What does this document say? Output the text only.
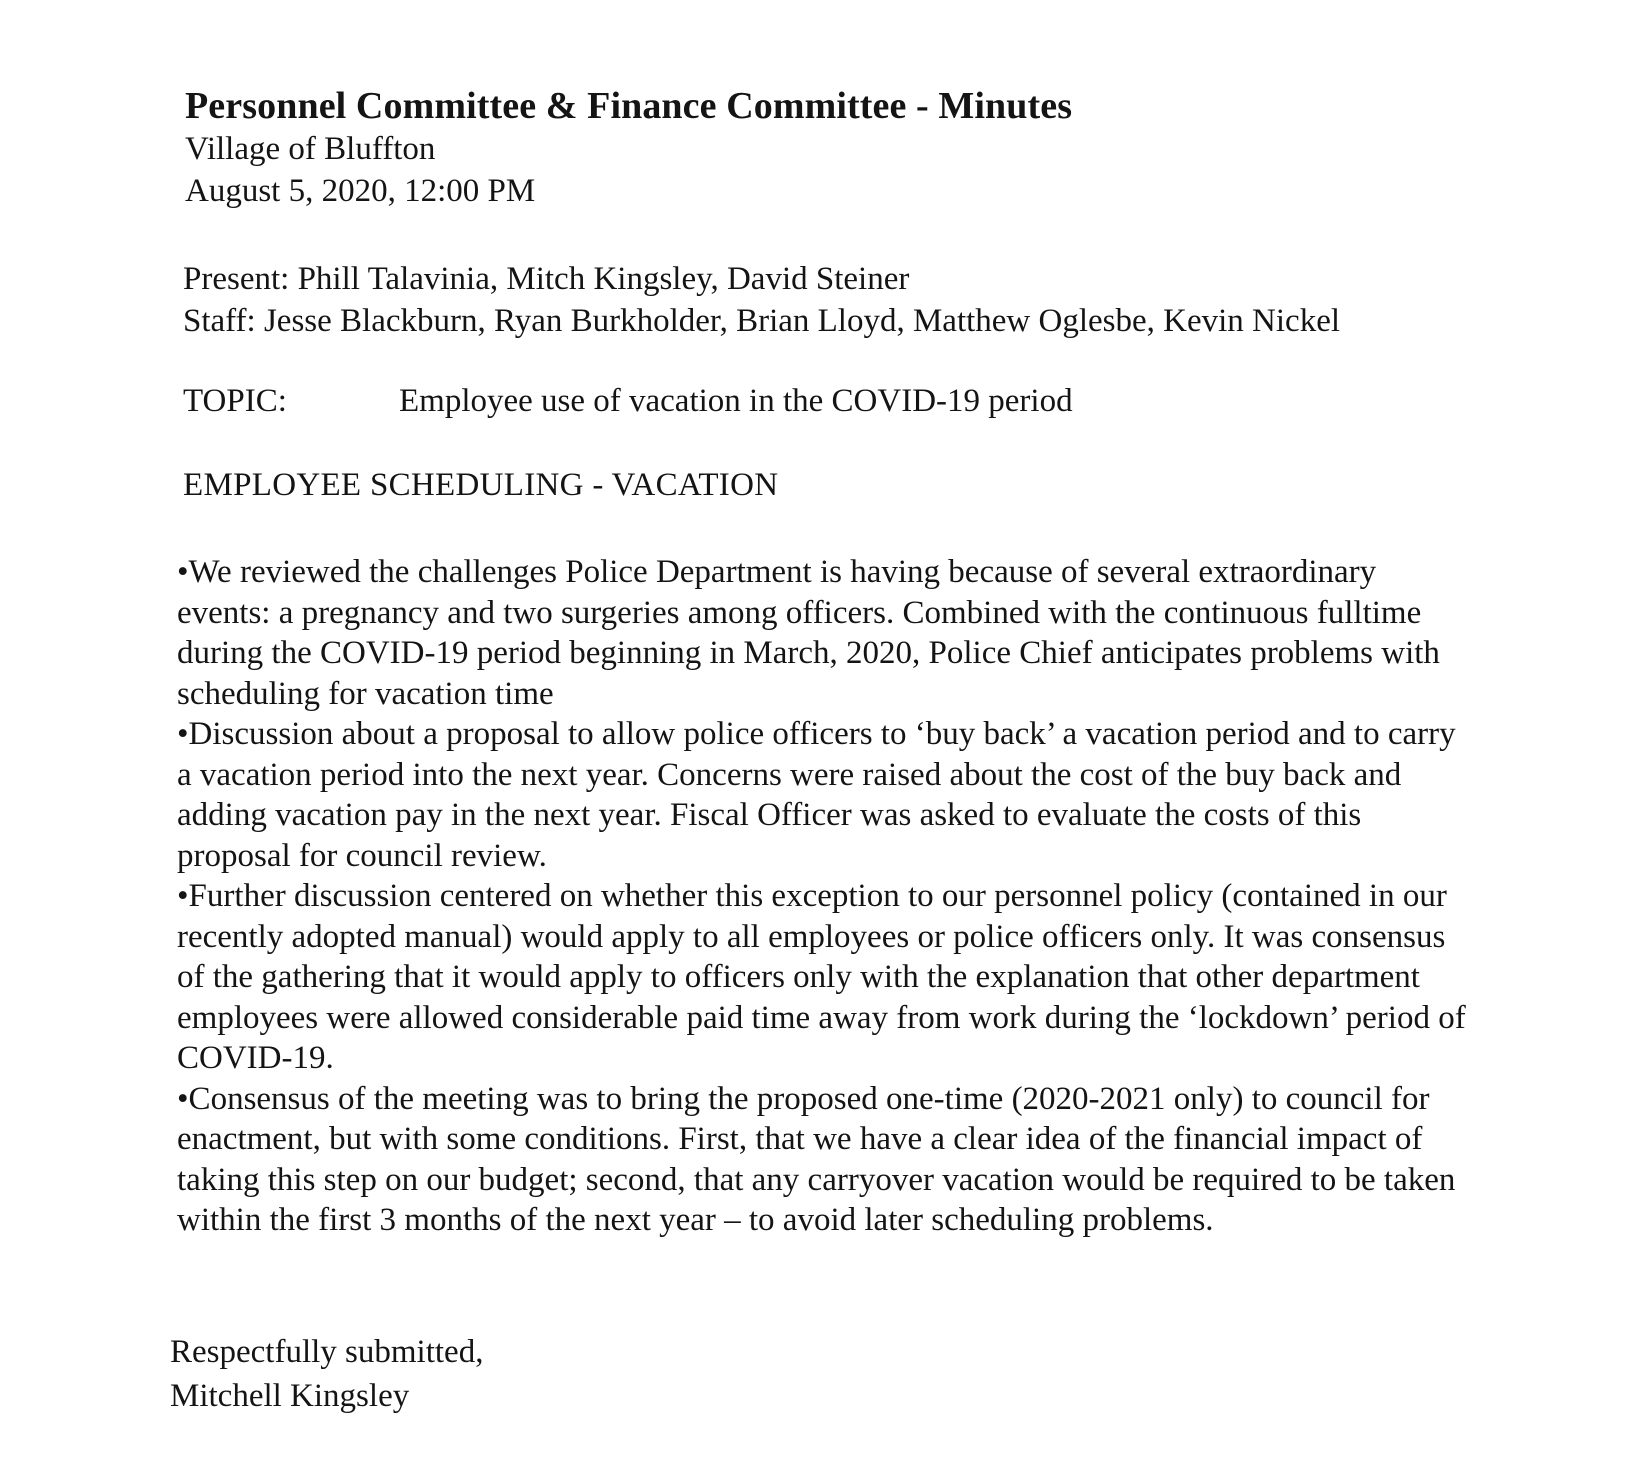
Personnel Committee & Finance Committee - Minutes
Village of Bluffton
August 5, 2020, 12:00 PM
Present: Phill Talavinia, Mitch Kingsley, David Steiner
Staff: Jesse Blackburn, Ryan Burkholder, Brian Lloyd, Matthew Oglesbe, Kevin Nickel
TOPIC:	Employee use of vacation in the COVID-19 period
EMPLOYEE SCHEDULING - VACATION

•We reviewed the challenges Police Department is having because of several extraordinary events: a pregnancy and two surgeries among officers. Combined with the continuous fulltime during the COVID-19 period beginning in March, 2020, Police Chief anticipates problems with scheduling for vacation time

•Discussion about a proposal to allow police officers to ‘buy back’ a vacation period and to carry a vacation period into the next year. Concerns were raised about the cost of the buy back and adding vacation pay in the next year. Fiscal Officer was asked to evaluate the costs of this proposal for council review.

•Further discussion centered on whether this exception to our personnel policy (contained in our recently adopted manual) would apply to all employees or police officers only. It was consensus of the gathering that it would apply to officers only with the explanation that other department employees were allowed considerable paid time away from work during the ‘lockdown’ period of COVID-19.

•Consensus of the meeting was to bring the proposed one-time (2020-2021 only) to council for enactment, but with some conditions. First, that we have a clear idea of the financial impact of taking this step on our budget; second, that any carryover vacation would be required to be taken within the first 3 months of the next year – to avoid later scheduling problems.

Respectfully submitted,
Mitchell Kingsley
